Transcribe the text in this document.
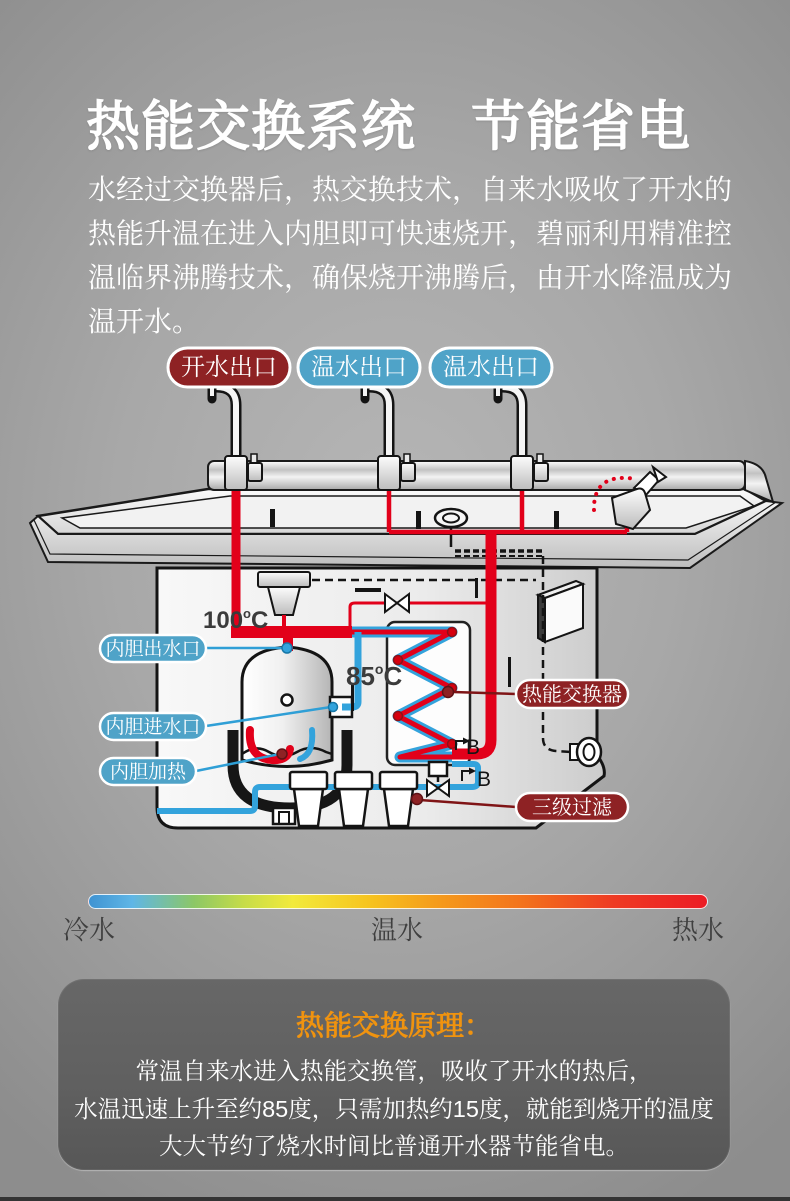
热能交换系统　节能省电
水经过交换器后，热交换技术，自来水吸收了开水的
热能升温在进入内胆即可快速烧开，碧丽利用精准控
温临界沸腾技术，确保烧开沸腾后，由开水降温成为
温开水。
100$^o$C
85$^o$C
B
B
内胆出水口
内胆进水口
内胆加热
热能交换器
三级过滤
开水出口 温水出口 温水出口
冷水	温水	热水
热能交换原理：
常温自来水进入热能交换管，吸收了开水的热后，
水温迅速上升至约85度，只需加热约15度，就能到烧开的温度
大大节约了烧水时间比普通开水器节能省电。
